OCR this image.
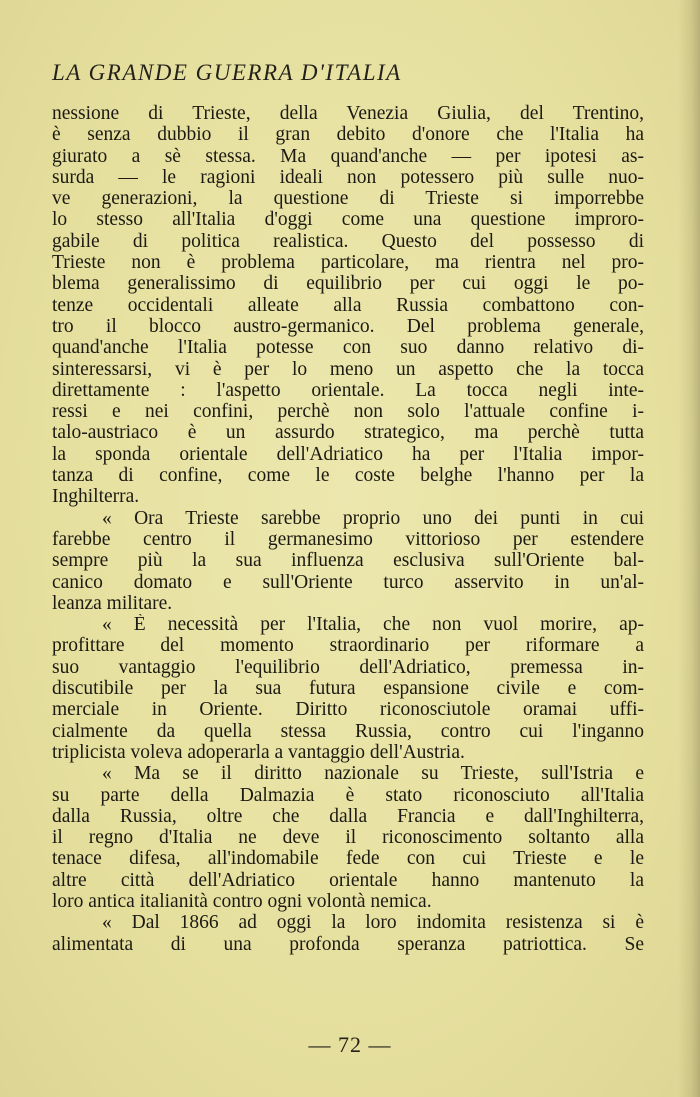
LA GRANDE GUERRA D'ITALIA
nessione di Trieste, della Venezia Giulia, del Trentino,
è senza dubbio il gran debito d'onore che l'Italia ha
giurato a sè stessa. Ma quand'anche — per ipotesi as-
surda — le ragioni ideali non potessero più sulle nuo-
ve generazioni, la questione di Trieste si imporrebbe
lo stesso all'Italia d'oggi come una questione improro-
gabile di politica realistica. Questo del possesso di
Trieste non è problema particolare, ma rientra nel pro-
blema generalissimo di equilibrio per cui oggi le po-
tenze occidentali alleate alla Russia combattono con-
tro il blocco austro-germanico. Del problema generale,
quand'anche l'Italia potesse con suo danno relativo di-
sinteressarsi, vi è per lo meno un aspetto che la tocca
direttamente : l'aspetto orientale. La tocca negli inte-
ressi e nei confini, perchè non solo l'attuale confine i-
talo-austriaco è un assurdo strategico, ma perchè tutta
la sponda orientale dell'Adriatico ha per l'Italia impor-
tanza di confine, come le coste belghe l'hanno per la
Inghilterra.
« Ora Trieste sarebbe proprio uno dei punti in cui
farebbe centro il germanesimo vittorioso per estendere
sempre più la sua influenza esclusiva sull'Oriente bal-
canico domato e sull'Oriente turco asservito in un'al-
leanza militare.
« È necessità per l'Italia, che non vuol morire, ap-
profittare del momento straordinario per riformare a
suo vantaggio l'equilibrio dell'Adriatico, premessa in-
discutibile per la sua futura espansione civile e com-
merciale in Oriente. Diritto riconosciutole oramai uffi-
cialmente da quella stessa Russia, contro cui l'inganno
triplicista voleva adoperarla a vantaggio dell'Austria.
« Ma se il diritto nazionale su Trieste, sull'Istria e
su parte della Dalmazia è stato riconosciuto all'Italia
dalla Russia, oltre che dalla Francia e dall'Inghilterra,
il regno d'Italia ne deve il riconoscimento soltanto alla
tenace difesa, all'indomabile fede con cui Trieste e le
altre città dell'Adriatico orientale hanno mantenuto la
loro antica italianità contro ogni volontà nemica.
« Dal 1866 ad oggi la loro indomita resistenza si è
alimentata di una profonda speranza patriottica. Se
— 72 —
